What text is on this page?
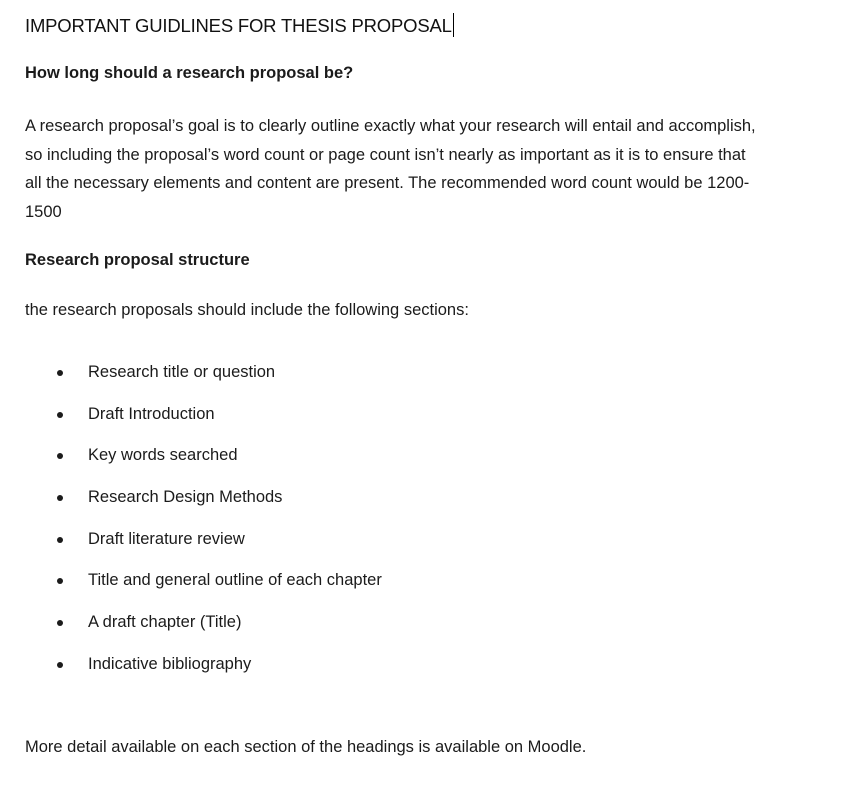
IMPORTANT GUIDLINES FOR THESIS PROPOSAL
How long should a research proposal be?
A research proposal’s goal is to clearly outline exactly what your research will entail and accomplish,
so including the proposal’s word count or page count isn’t nearly as important as it is to ensure that
all the necessary elements and content are present. The recommended word count would be 1200-
1500
Research proposal structure
the research proposals should include the following sections:
Research title or question
Draft Introduction
Key words searched
Research Design Methods
Draft literature review
Title and general outline of each chapter
A draft chapter (Title)
Indicative bibliography
More detail available on each section of the headings is available on Moodle.
